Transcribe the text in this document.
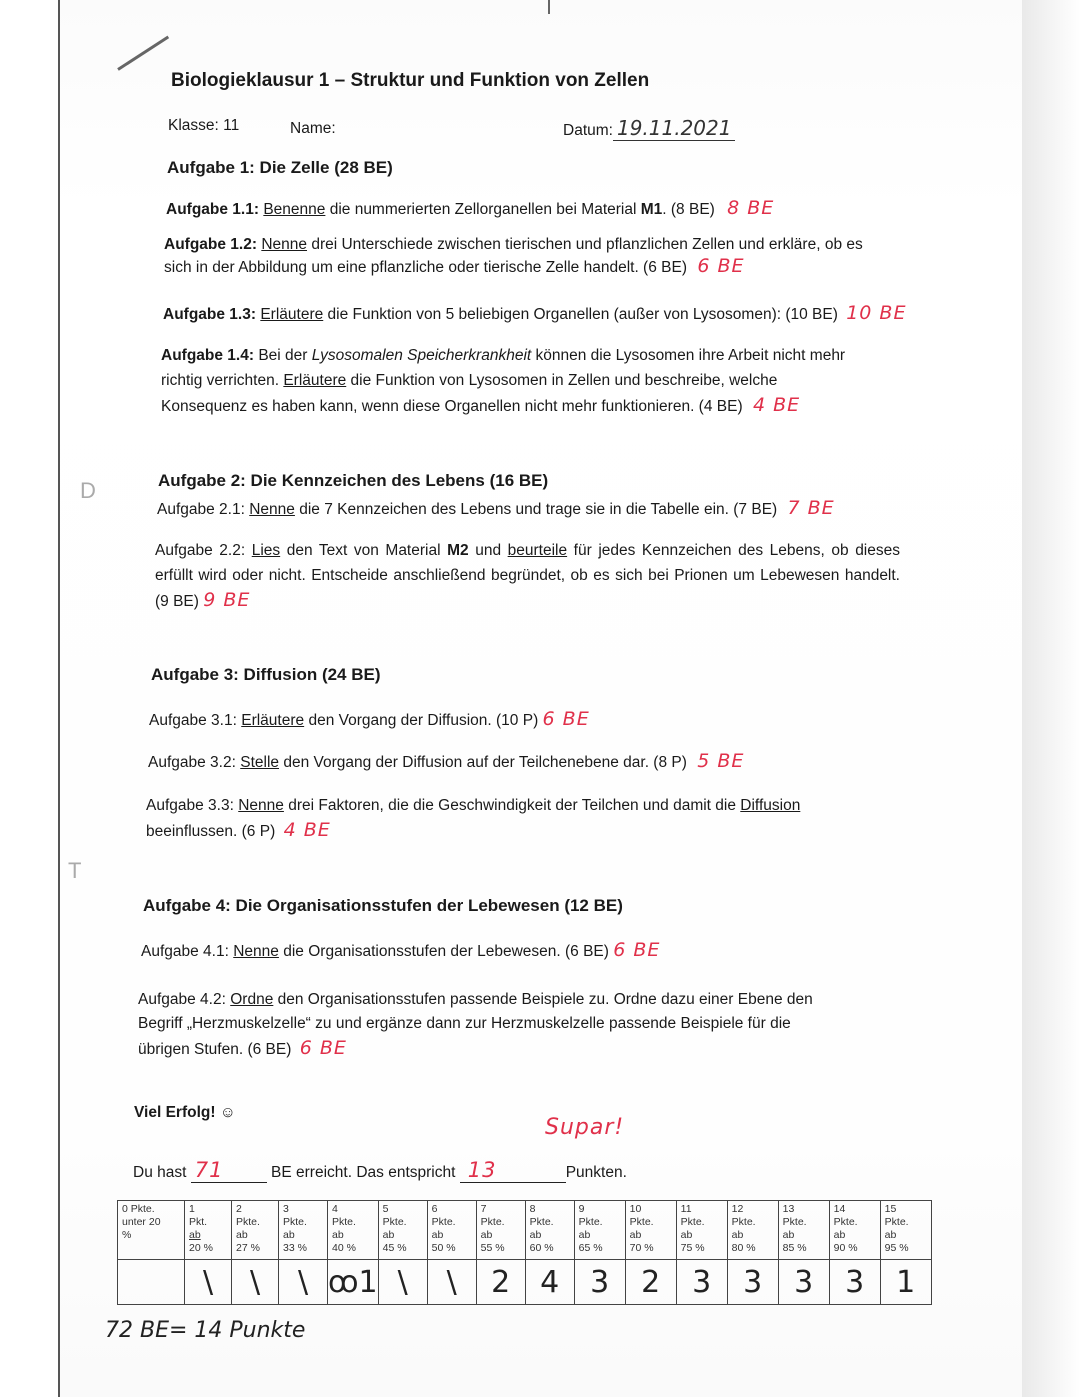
Biologieklausur 1 – Struktur und Funktion von Zellen
Klasse: 11	Name:	Datum: 19.11.2021
Aufgabe 1: Die Zelle (28 BE)
Aufgabe 1.1: Benenne die nummerierten Zellorganellen bei Material M1. (8 BE) 8 BE
Aufgabe 1.2: Nenne drei Unterschiede zwischen tierischen und pflanzlichen Zellen und erkläre, ob es
sich in der Abbildung um eine pflanzliche oder tierische Zelle handelt. (6 BE) 6 BE
Aufgabe 1.3: Erläutere die Funktion von 5 beliebigen Organellen (außer von Lysosomen): (10 BE) 10 BE
Aufgabe 1.4: Bei der Lysosomalen Speicherkrankheit können die Lysosomen ihre Arbeit nicht mehr
richtig verrichten. Erläutere die Funktion von Lysosomen in Zellen und beschreibe, welche
Konsequenz es haben kann, wenn diese Organellen nicht mehr funktionieren. (4 BE) 4 BE
D	Aufgabe 2: Die Kennzeichen des Lebens (16 BE)
Aufgabe 2.1: Nenne die 7 Kennzeichen des Lebens und trage sie in die Tabelle ein. (7 BE) 7 BE
Aufgabe 2.2: Lies den Text von Material M2 und beurteile für jedes Kennzeichen des Lebens, ob dieses erfüllt wird oder nicht. Entscheide anschließend begründet, ob es sich bei Prionen um Lebewesen handelt. (9 BE) 9 BE
Aufgabe 3: Diffusion (24 BE)
Aufgabe 3.1: Erläutere den Vorgang der Diffusion. (10 P) 6 BE
Aufgabe 3.2: Stelle den Vorgang der Diffusion auf der Teilchenebene dar. (8 P) 5 BE
Aufgabe 3.3: Nenne drei Faktoren, die die Geschwindigkeit der Teilchen und damit die Diffusion
beeinflussen. (6 P) 4 BE
T
Aufgabe 4: Die Organisationsstufen der Lebewesen (12 BE)
Aufgabe 4.1: Nenne die Organisationsstufen der Lebewesen. (6 BE) 6 BE
Aufgabe 4.2: Ordne den Organisationsstufen passende Beispiele zu. Ordne dazu einer Ebene den
Begriff „Herzmuskelzelle“ zu und ergänze dann zur Herzmuskelzelle passende Beispiele für die
übrigen Stufen. (6 BE) 6 BE
Viel Erfolg! ☺
Supar!
Du hast 71	BE erreicht. Das entspricht 13	Punkten.
0 Pkte.
unter 20
%	1
Pkt.
ab
20 %	2
Pkte.
ab
27 %	3
Pkte.
ab
33 %	4
Pkte.
ab
40 %	5
Pkte.
ab
45 %	6
Pkte.
ab
50 %	7
Pkte.
ab
55 %	8
Pkte.
ab
60 %	9
Pkte.
ab
65 %	10
Pkte.
ab
70 %	11
Pkte.
ab
75 %	12
Pkte.
ab
80 %	13
Pkte.
ab
85 %	14
Pkte.
ab
90 %	15
Pkte.
ab
95 %
	\	\	\	ꝏ1	\	\	2	4	3	2	3	3	3	3	1
72 BE= 14 Punkte
